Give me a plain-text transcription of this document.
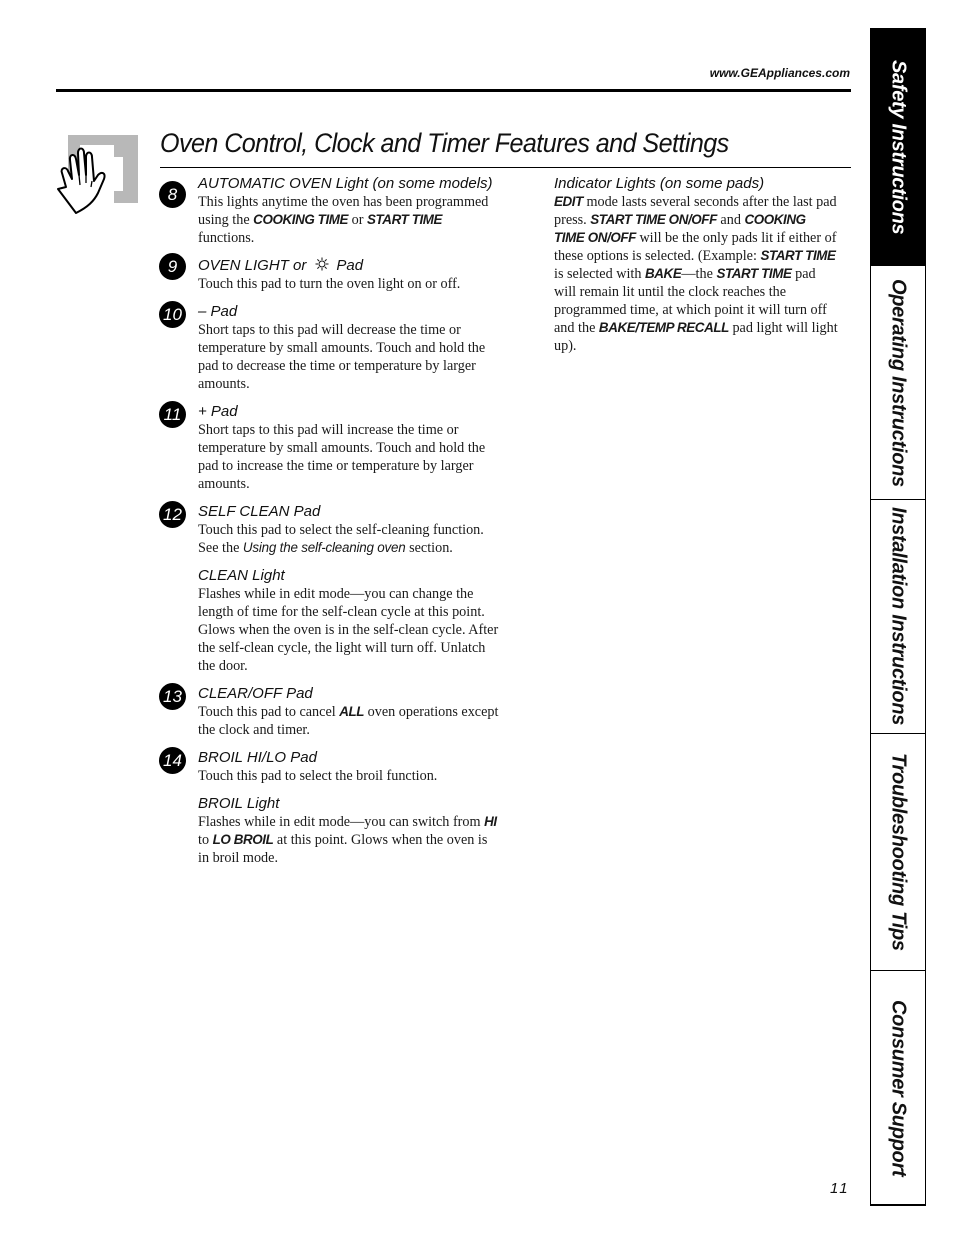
www.GEAppliances.com
Oven Control, Clock and Timer Features and Settings
8
AUTOMATIC OVEN Light (on some models)
This lights anytime the oven has been programmed using the COOKING TIME or START TIME functions.
9	OVEN LIGHT or Pad
Touch this pad to turn the oven light on or off.
10 – Pad
Short taps to this pad will decrease the time or temperature by small amounts. Touch and hold the pad to decrease the time or temperature by larger amounts.
11	+ Pad
Short taps to this pad will increase the time or temperature by small amounts. Touch and hold the pad to increase the time or temperature by larger amounts.
12 SELF CLEAN Pad
Touch this pad to select the self-cleaning function. See the Using the self-cleaning oven section.
CLEAN Light
Flashes while in edit mode—you can change the length of time for the self-clean cycle at this point. Glows when the oven is in the self-clean cycle. After the self-clean cycle, the light will turn off. Unlatch the door.
13 CLEAR/OFF Pad
Touch this pad to cancel ALL oven operations except the clock and timer.
14 BROIL HI/LO Pad
Touch this pad to select the broil function.
BROIL Light
Flashes while in edit mode—you can switch from HI to LO BROIL at this point. Glows when the oven is in broil mode.
Indicator Lights (on some pads)
EDIT mode lasts several seconds after the last pad press. START TIME ON/OFF and COOKING TIME ON/OFF will be the only pads lit if either of these options is selected. (Example: START TIME is selected with BAKE—the START TIME pad will remain lit until the clock reaches the programmed time, at which point it will turn off and the BAKE/TEMP RECALL pad light will light up).
11
Safety Instructions
Operating Instructions
Installation Instructions
Troubleshooting Tips
Consumer Support
